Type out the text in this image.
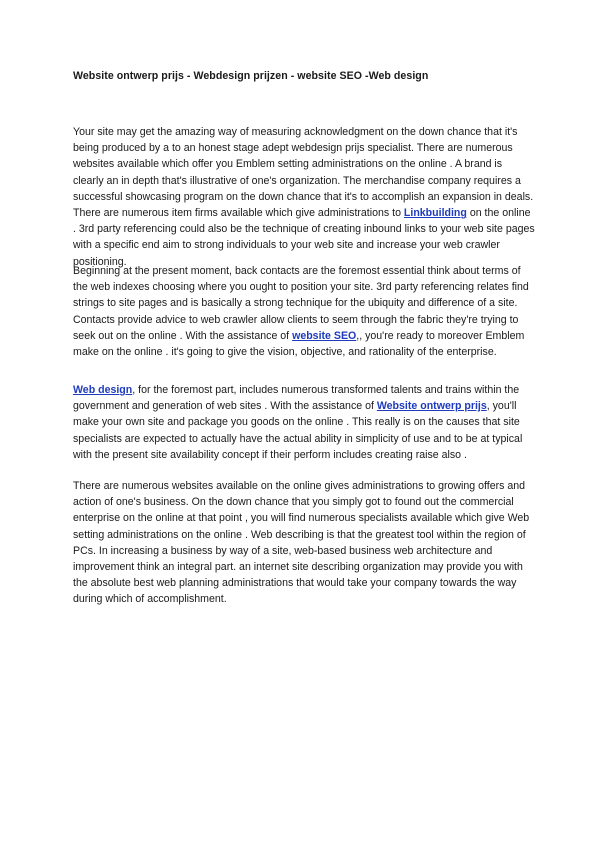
Website ontwerp prijs - Webdesign prijzen - website SEO -Web design

Your site may get the amazing way of measuring acknowledgment on the down chance that it's being produced by a to an honest stage adept webdesign prijs specialist. There are numerous websites available which offer you Emblem setting administrations on the online . A brand is clearly an in depth that's illustrative of one's organization. The merchandise company requires a successful showcasing program on the down chance that it's to accomplish an expansion in deals. There are numerous item firms available which give administrations to Linkbuilding on the online . 3rd party referencing could also be the technique of creating inbound links to your web site pages with a specific end aim to strong individuals to your web site and increase your web crawler positioning.

Beginning at the present moment, back contacts are the foremost essential think about terms of the web indexes choosing where you ought to position your site. 3rd party referencing relates find strings to site pages and is basically a strong technique for the ubiquity and difference of a site. Contacts provide advice to web crawler allow clients to seem through the fabric they're trying to seek out on the online . With the assistance of website SEO,, you're ready to moreover Emblem make on the online . it's going to give the vision, objective, and rationality of the enterprise.

Web design, for the foremost part, includes numerous transformed talents and trains within the government and generation of web sites . With the assistance of Website ontwerp prijs, you'll make your own site and package you goods on the online . This really is on the causes that site specialists are expected to actually have the actual ability in simplicity of use and to be at typical with the present site availability concept if their perform includes creating raise also .

There are numerous websites available on the online gives administrations to growing offers and action of one's business. On the down chance that you simply got to found out the commercial enterprise on the online at that point , you will find numerous specialists available which give Web setting administrations on the online . Web describing is that the greatest tool within the region of PCs. In increasing a business by way of a site, web-based business web architecture and improvement think an integral part. an internet site describing organization may provide you with the absolute best web planning administrations that would take your company towards the way during which of accomplishment.
